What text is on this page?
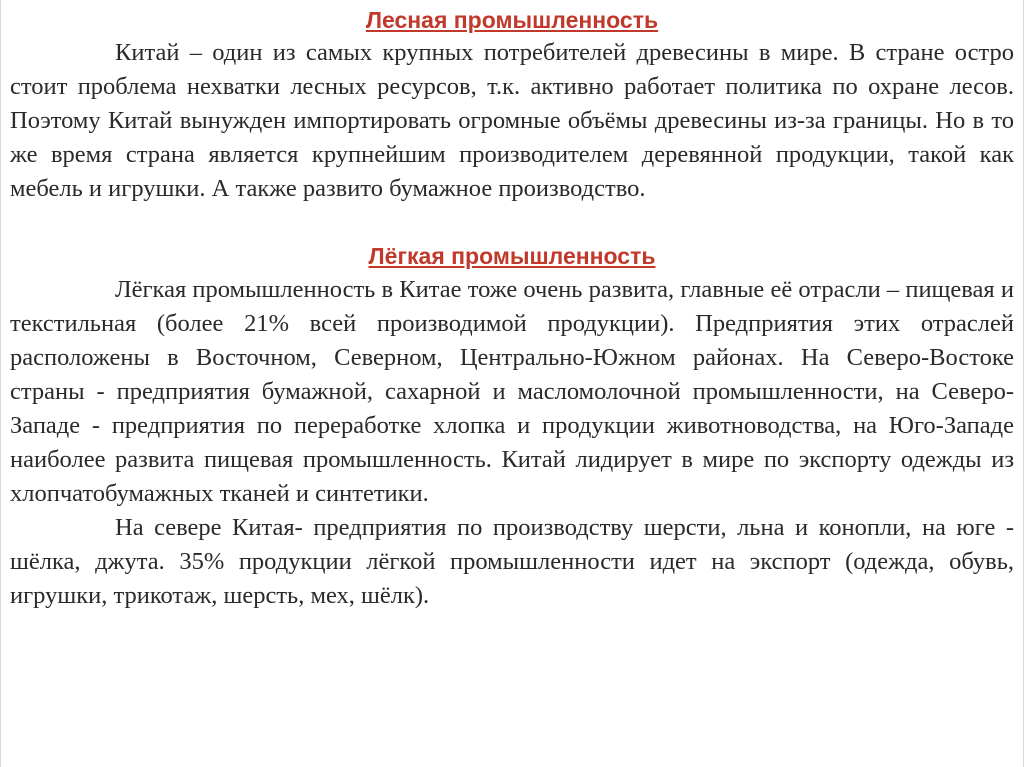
Лесная промышленность

Китай – один из самых крупных потребителей древесины в мире. В стране остро стоит проблема нехватки лесных ресурсов, т.к. активно работает политика по охране лесов. Поэтому Китай вынужден импортировать огромные объёмы древесины из-за границы. Но в то же время страна является крупнейшим производителем деревянной продукции, такой как мебель и игрушки. А также развито бумажное производство.

Лёгкая промышленность

Лёгкая промышленность в Китае тоже очень развита, главные её отрасли – пищевая и текстильная (более 21% всей производимой продукции). Предприятия этих отраслей расположены в Восточном, Северном, Центрально-Южном районах. На Северо-Востоке страны - предприятия бумажной, сахарной и масломолочной промышленности, на Северо-Западе - предприятия по переработке хлопка и продукции животноводства, на Юго-Западе наиболее развита пищевая промышленность. Китай лидирует в мире по экспорту одежды из хлопчатобумажных тканей и синтетики.

На севере Китая- предприятия по производству шерсти, льна и конопли, на юге - шёлка, джута. 35% продукции лёгкой промышленности идет на экспорт (одежда, обувь, игрушки, трикотаж, шерсть, мех, шёлк).
